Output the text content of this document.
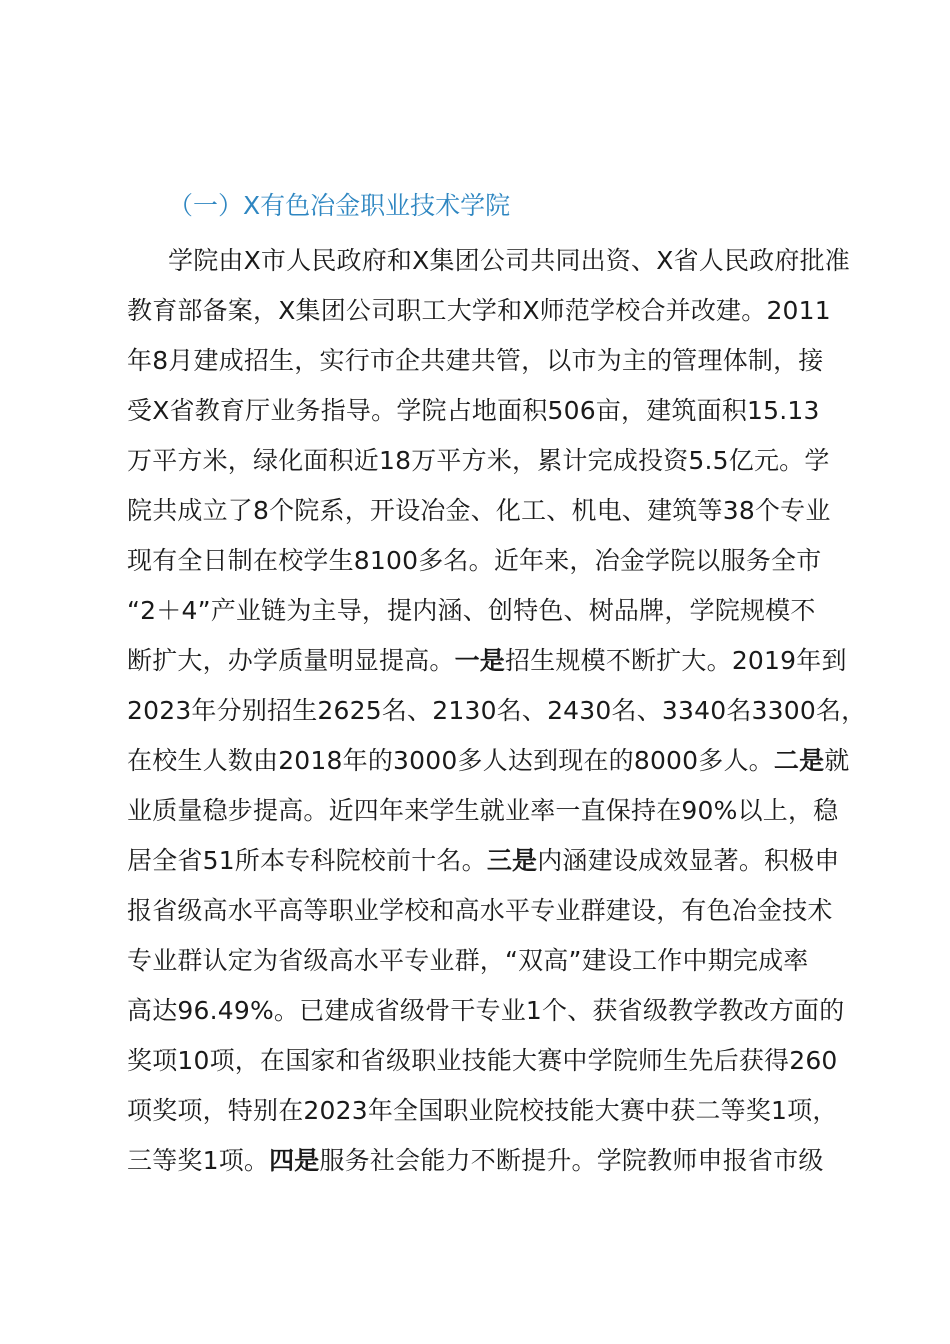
（一）X有色冶金职业技术学院
学院由X市人民政府和X集团公司共同出资、X省人民政府批准
教育部备案，X集团公司职工大学和X师范学校合并改建。2011
年8月建成招生，实行市企共建共管，以市为主的管理体制，接
受X省教育厅业务指导。学院占地面积506亩，建筑面积15.13
万平方米，绿化面积近18万平方米，累计完成投资5.5亿元。学
院共成立了8个院系，开设冶金、化工、机电、建筑等38个专业
现有全日制在校学生8100多名。近年来，冶金学院以服务全市
“2＋4”产业链为主导，提内涵、创特色、树品牌，学院规模不
断扩大，办学质量明显提高。一是招生规模不断扩大。2019年到
2023年分别招生2625名、2130名、2430名、3340名3300名，
在校生人数由2018年的3000多人达到现在的8000多人。二是就
业质量稳步提高。近四年来学生就业率一直保持在90%以上，稳
居全省51所本专科院校前十名。三是内涵建设成效显著。积极申
报省级高水平高等职业学校和高水平专业群建设，有色冶金技术
专业群认定为省级高水平专业群，“双高”建设工作中期完成率
高达96.49%。已建成省级骨干专业1个、获省级教学教改方面的
奖项10项，在国家和省级职业技能大赛中学院师生先后获得260
项奖项，特别在2023年全国职业院校技能大赛中获二等奖1项，
三等奖1项。四是服务社会能力不断提升。学院教师申报省市级
